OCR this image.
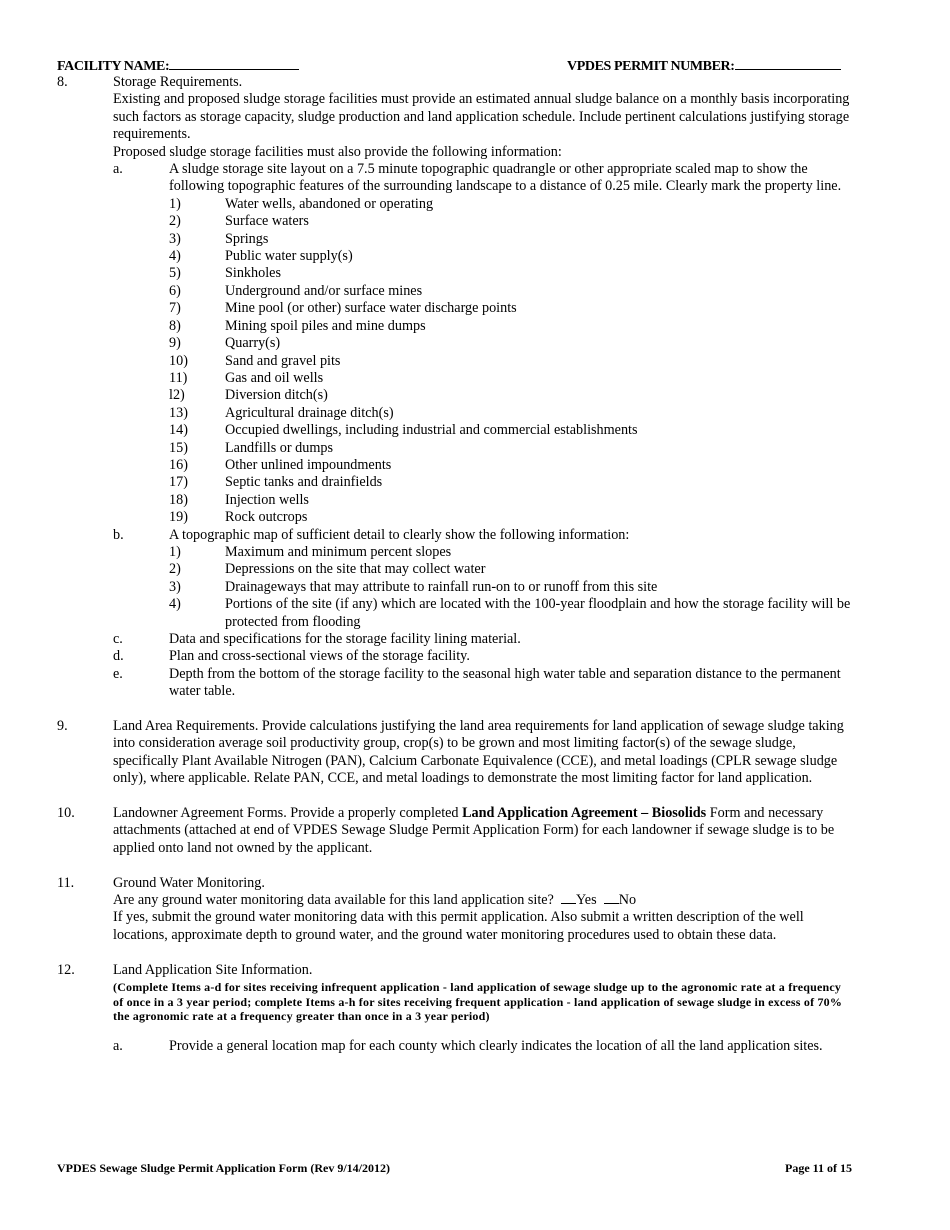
FACILITY NAME:	VPDES PERMIT NUMBER:
8.	Storage Requirements.
Existing and proposed sludge storage facilities must provide an estimated annual sludge balance on a monthly basis incorporating such factors as storage capacity, sludge production and land application schedule. Include pertinent calculations justifying storage requirements.
Proposed sludge storage facilities must also provide the following information:
a.	A sludge storage site layout on a 7.5 minute topographic quadrangle or other appropriate scaled map to show the following topographic features of the surrounding landscape to a distance of 0.25 mile. Clearly mark the property line.
1)	Water wells, abandoned or operating
2)	Surface waters
3)	Springs
4)	Public water supply(s)
5)	Sinkholes
6)	Underground and/or surface mines
7)	Mine pool (or other) surface water discharge points
8)	Mining spoil piles and mine dumps
9)	Quarry(s)
10)	Sand and gravel pits
11)	Gas and oil wells
l2)	Diversion ditch(s)
13)	Agricultural drainage ditch(s)
14)	Occupied dwellings, including industrial and commercial establishments
15)	Landfills or dumps
16)	Other unlined impoundments
17)	Septic tanks and drainfields
18)	Injection wells
19)	Rock outcrops
b.	A topographic map of sufficient detail to clearly show the following information:
1)	Maximum and minimum percent slopes
2)	Depressions on the site that may collect water
3)	Drainageways that may attribute to rainfall run-on to or runoff from this site
4)	Portions of the site (if any) which are located with the 100-year floodplain and how the storage facility will be protected from flooding
c.	Data and specifications for the storage facility lining material.
d.	Plan and cross-sectional views of the storage facility.
e.	Depth from the bottom of the storage facility to the seasonal high water table and separation distance to the permanent water table.
9.	Land Area Requirements. Provide calculations justifying the land area requirements for land application of sewage sludge taking into consideration average soil productivity group, crop(s) to be grown and most limiting factor(s) of the sewage sludge, specifically Plant Available Nitrogen (PAN), Calcium Carbonate Equivalence (CCE), and metal loadings (CPLR sewage sludge only), where applicable. Relate PAN, CCE, and metal loadings to demonstrate the most limiting factor for land application.
10.	Landowner Agreement Forms. Provide a properly completed Land Application Agreement – Biosolids Form and necessary attachments (attached at end of VPDES Sewage Sludge Permit Application Form) for each landowner if sewage sludge is to be applied onto land not owned by the applicant.
11.	Ground Water Monitoring.
Are any ground water monitoring data available for this land application site? Yes No
If yes, submit the ground water monitoring data with this permit application. Also submit a written description of the well locations, approximate depth to ground water, and the ground water monitoring procedures used to obtain these data.
12.	Land Application Site Information.
(Complete Items a-d for sites receiving infrequent application - land application of sewage sludge up to the agronomic rate at a frequency of once in a 3 year period; complete Items a-h for sites receiving frequent application - land application of sewage sludge in excess of 70% the agronomic rate at a frequency greater than once in a 3 year period)
a.	Provide a general location map for each county which clearly indicates the location of all the land application sites.
VPDES Sewage Sludge Permit Application Form (Rev 9/14/2012)	Page 11 of 15
